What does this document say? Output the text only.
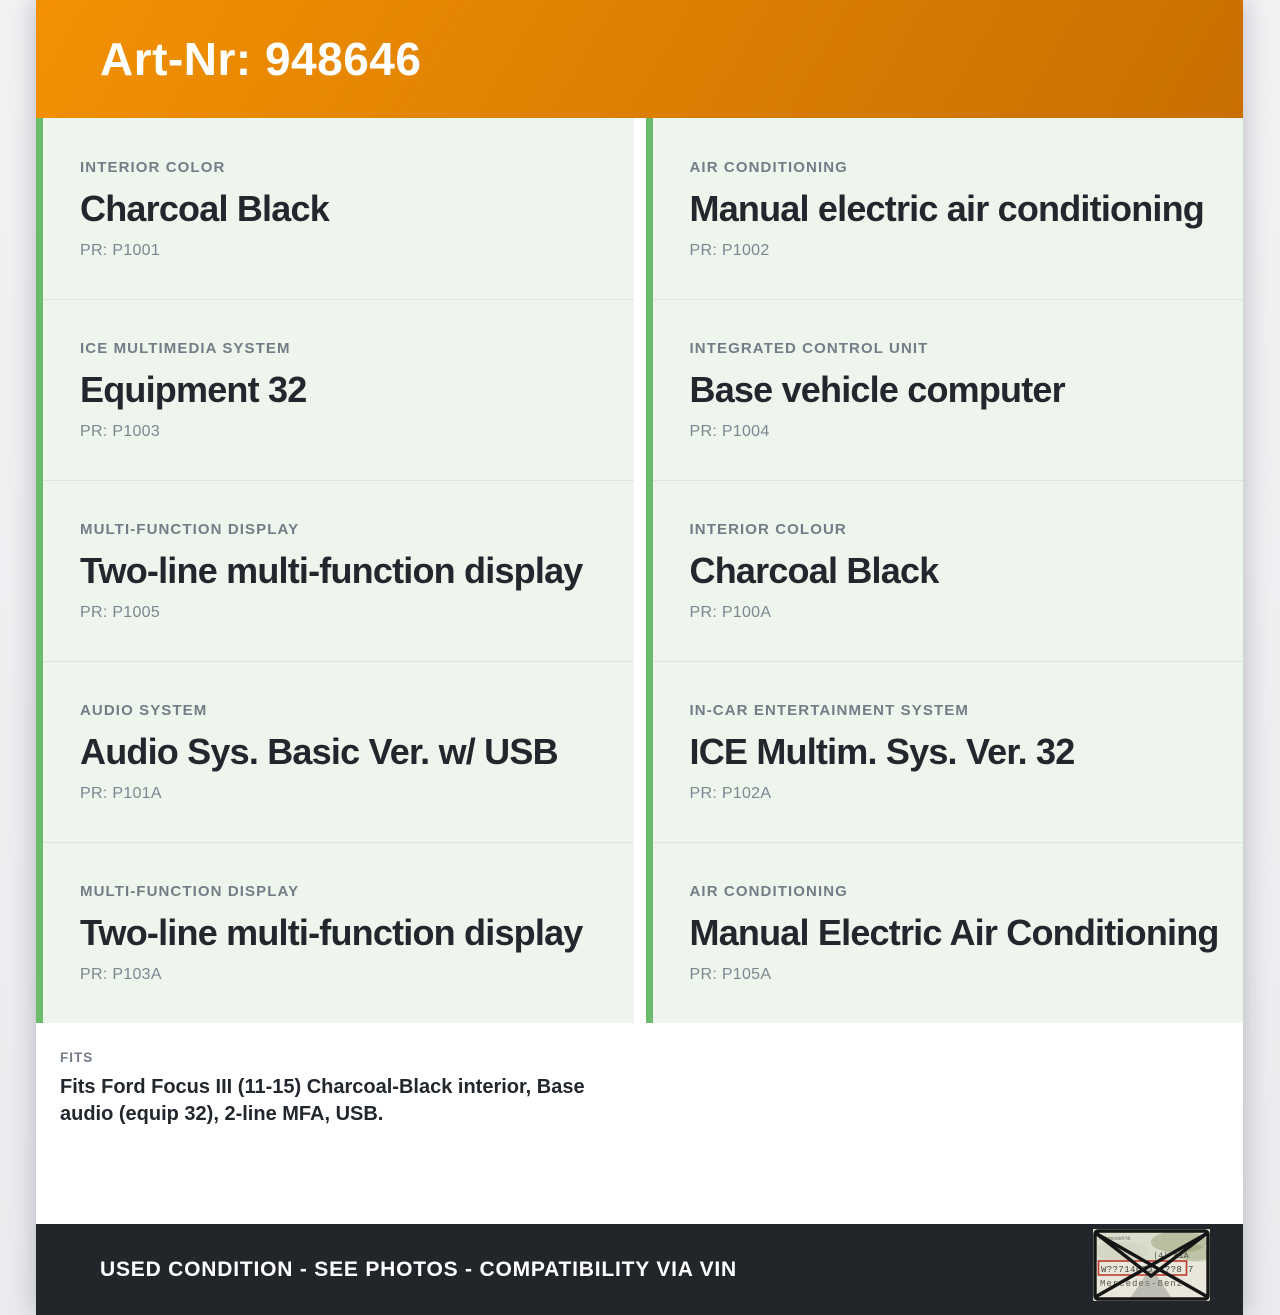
Art-Nr: 948646
INTERIOR COLOR
Charcoal Black
PR: P1001
ICE MULTIMEDIA SYSTEM
Equipment 32
PR: P1003
MULTI-FUNCTION DISPLAY
Two-line multi-function display
PR: P1005
AUDIO SYSTEM
Audio Sys. Basic Ver. w/ USB
PR: P101A
MULTI-FUNCTION DISPLAY
Two-line multi-function display
PR: P103A
FITS
Fits Ford Focus III (11-15) Charcoal-Black interior, Base audio (equip 32), 2-line MFA, USB.
AIR CONDITIONING
Manual electric air conditioning
PR: P1002
INTEGRATED CONTROL UNIT
Base vehicle computer
PR: P1004
INTERIOR COLOUR
Charcoal Black
PR: P100A
IN-CAR ENTERTAINMENT SYSTEM
ICE Multim. Sys. Ver. 32
PR: P102A
AIR CONDITIONING
Manual Electric Air Conditioning
PR: P105A
USED CONDITION - SEE PHOTOS - COMPATIBILITY VIA VIN
Fahrgestell-Nr.
|4| AiA
W??71463J31??8 7
Mercedes-Benz
